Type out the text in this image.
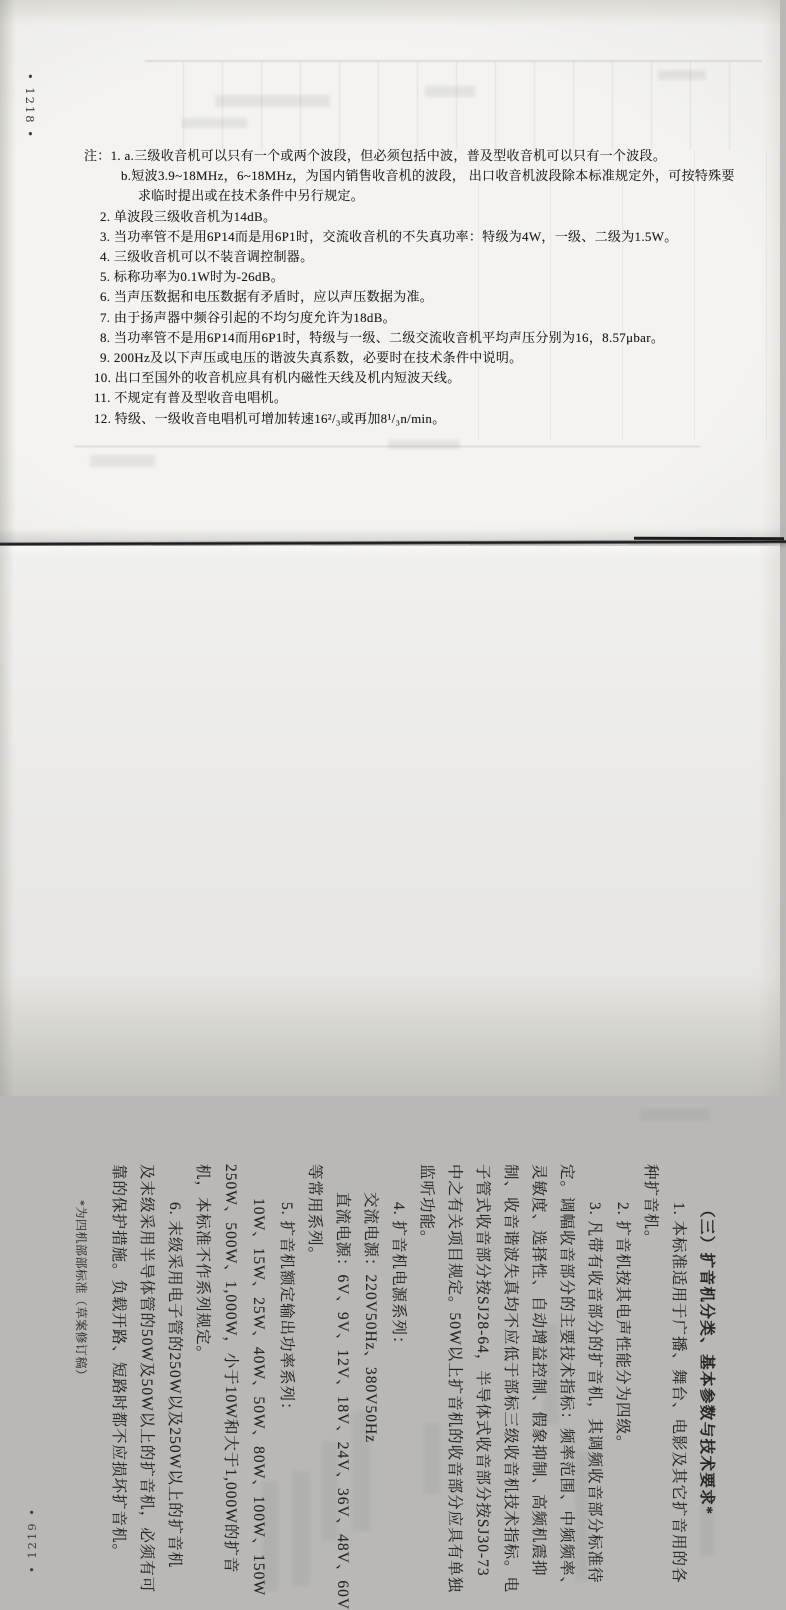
• 1218 •

注：1. a.三级收音机可以只有一个或两个波段，但必须包括中波，普及型收音机可以只有一个波段。

b.短波3.9~18MHz，6~18MHz，为国内销售收音机的波段， 出口收音机波段除本标准规定外，可按特殊要

求临时提出或在技术条件中另行规定。

2. 单波段三级收音机为14dB。

3. 当功率管不是用6P14而是用6P1时，交流收音机的不失真功率：特级为4W，一级、二级为1.5W。

4. 三级收音机可以不装音调控制器。

5. 标称功率为0.1W时为-26dB。

6. 当声压数据和电压数据有矛盾时，应以声压数据为准。

7. 由于扬声器中频谷引起的不均匀度允许为18dB。

8. 当功率管不是用6P14而用6P1时，特级与一级、二级交流收音机平均声压分别为16，8.57μbar。

9. 200Hz及以下声压或电压的谐波失真系数，必要时在技术条件中说明。

10. 出口至国外的收音机应具有机内磁性天线及机内短波天线。

11. 不规定有普及型收音电唱机。

12. 特级、一级收音电唱机可增加转速16²/₃或再加8¹/₃n/min。

• 1219 •

（三）扩音机分类、基本参数与技术要求*

1. 本标准适用于广播、舞台、电影及其它扩音用的各

种扩音机。

2. 扩音机按其电声性能分为四级。

3. 凡带有收音部分的扩音机，其调频收音部分标准待

定。调幅收音部分的主要技术指标：频率范围、中频频率、

灵敏度、选择性、自动增益控制、假象抑制、高频机震抑

制、收音谐波失真均不应低于部标三级收音机技术指标。电

子管式收音部分按SJ28-64，半导体式收音部分按SJ30-73

中之有关项目规定。50W以上扩音机的收音部分应具有单独

监听功能。

4. 扩音机电源系列：

交流电源：220V50Hz、380V50Hz

直流电源：6V、9V、12V、18V、24V、36V、48V、60V

等常用系列。

5. 扩音机额定输出功率系列：

10W、15W、25W、40W、50W、80W、100W、150W

250W、500W、1,000W，小于10W和大于1,000W的扩音

机，本标准不作系列规定。

6. 末级采用电子管的250W以及250W以上的扩音机

及末级采用半导体管的50W及50W以上的扩音机，必须有可

靠的保护措施。负载开路、短路时都不应损坏扩音机。

*为四机部部标准（草案修订稿）
